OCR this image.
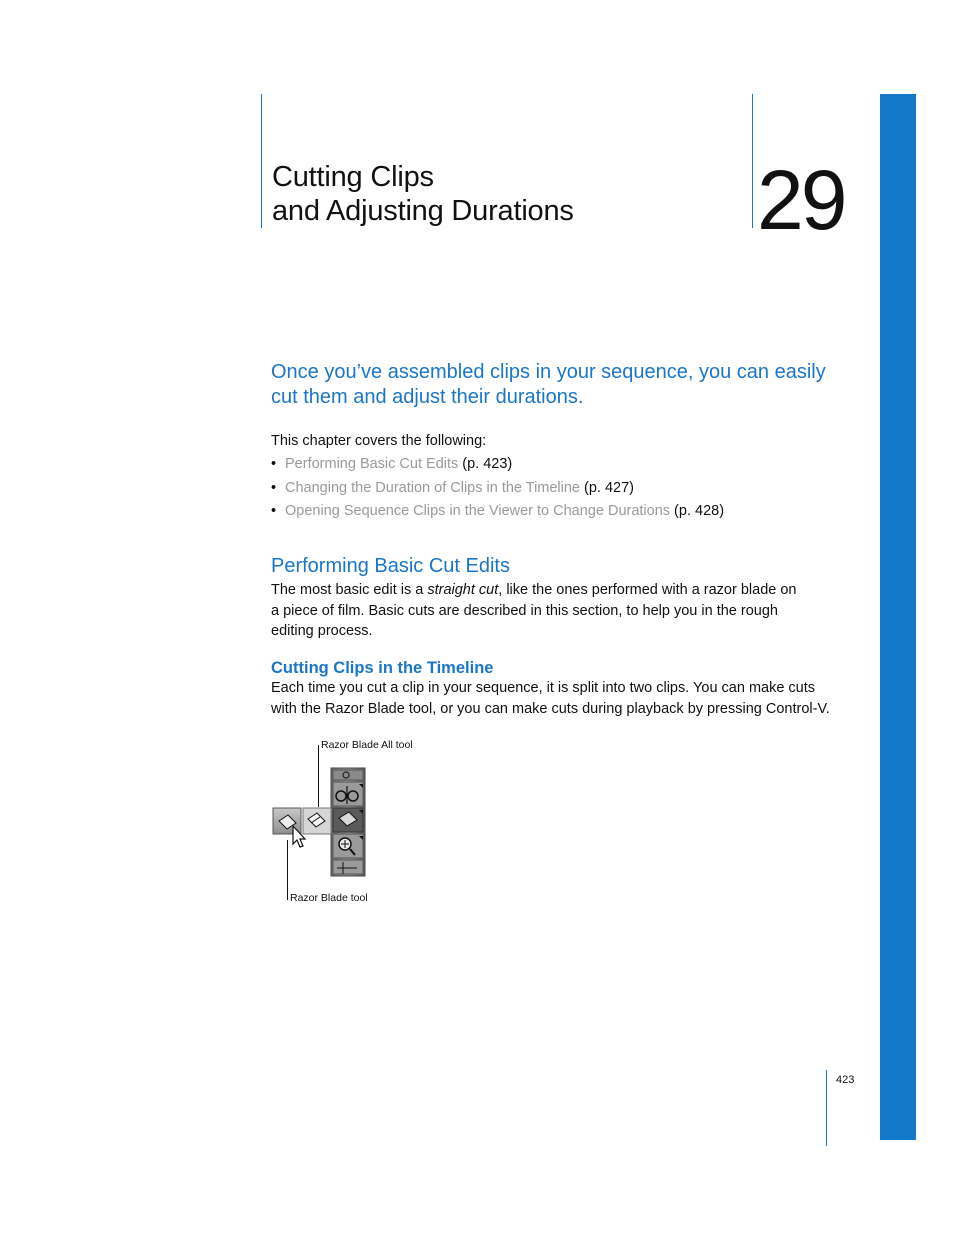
Cutting Clips
and Adjusting Durations 29
Once you’ve assembled clips in your sequence, you can easily
cut them and adjust their durations.
This chapter covers the following:
• Performing Basic Cut Edits (p. 423)
• Changing the Duration of Clips in the Timeline (p. 427)
• Opening Sequence Clips in the Viewer to Change Durations (p. 428)
Performing Basic Cut Edits
The most basic edit is a straight cut, like the ones performed with a razor blade on
a piece of film. Basic cuts are described in this section, to help you in the rough
editing process.
Cutting Clips in the Timeline
Each time you cut a clip in your sequence, it is split into two clips. You can make cuts
with the Razor Blade tool, or you can make cuts during playback by pressing Control-V.
Razor Blade All tool
Razor Blade tool
423
